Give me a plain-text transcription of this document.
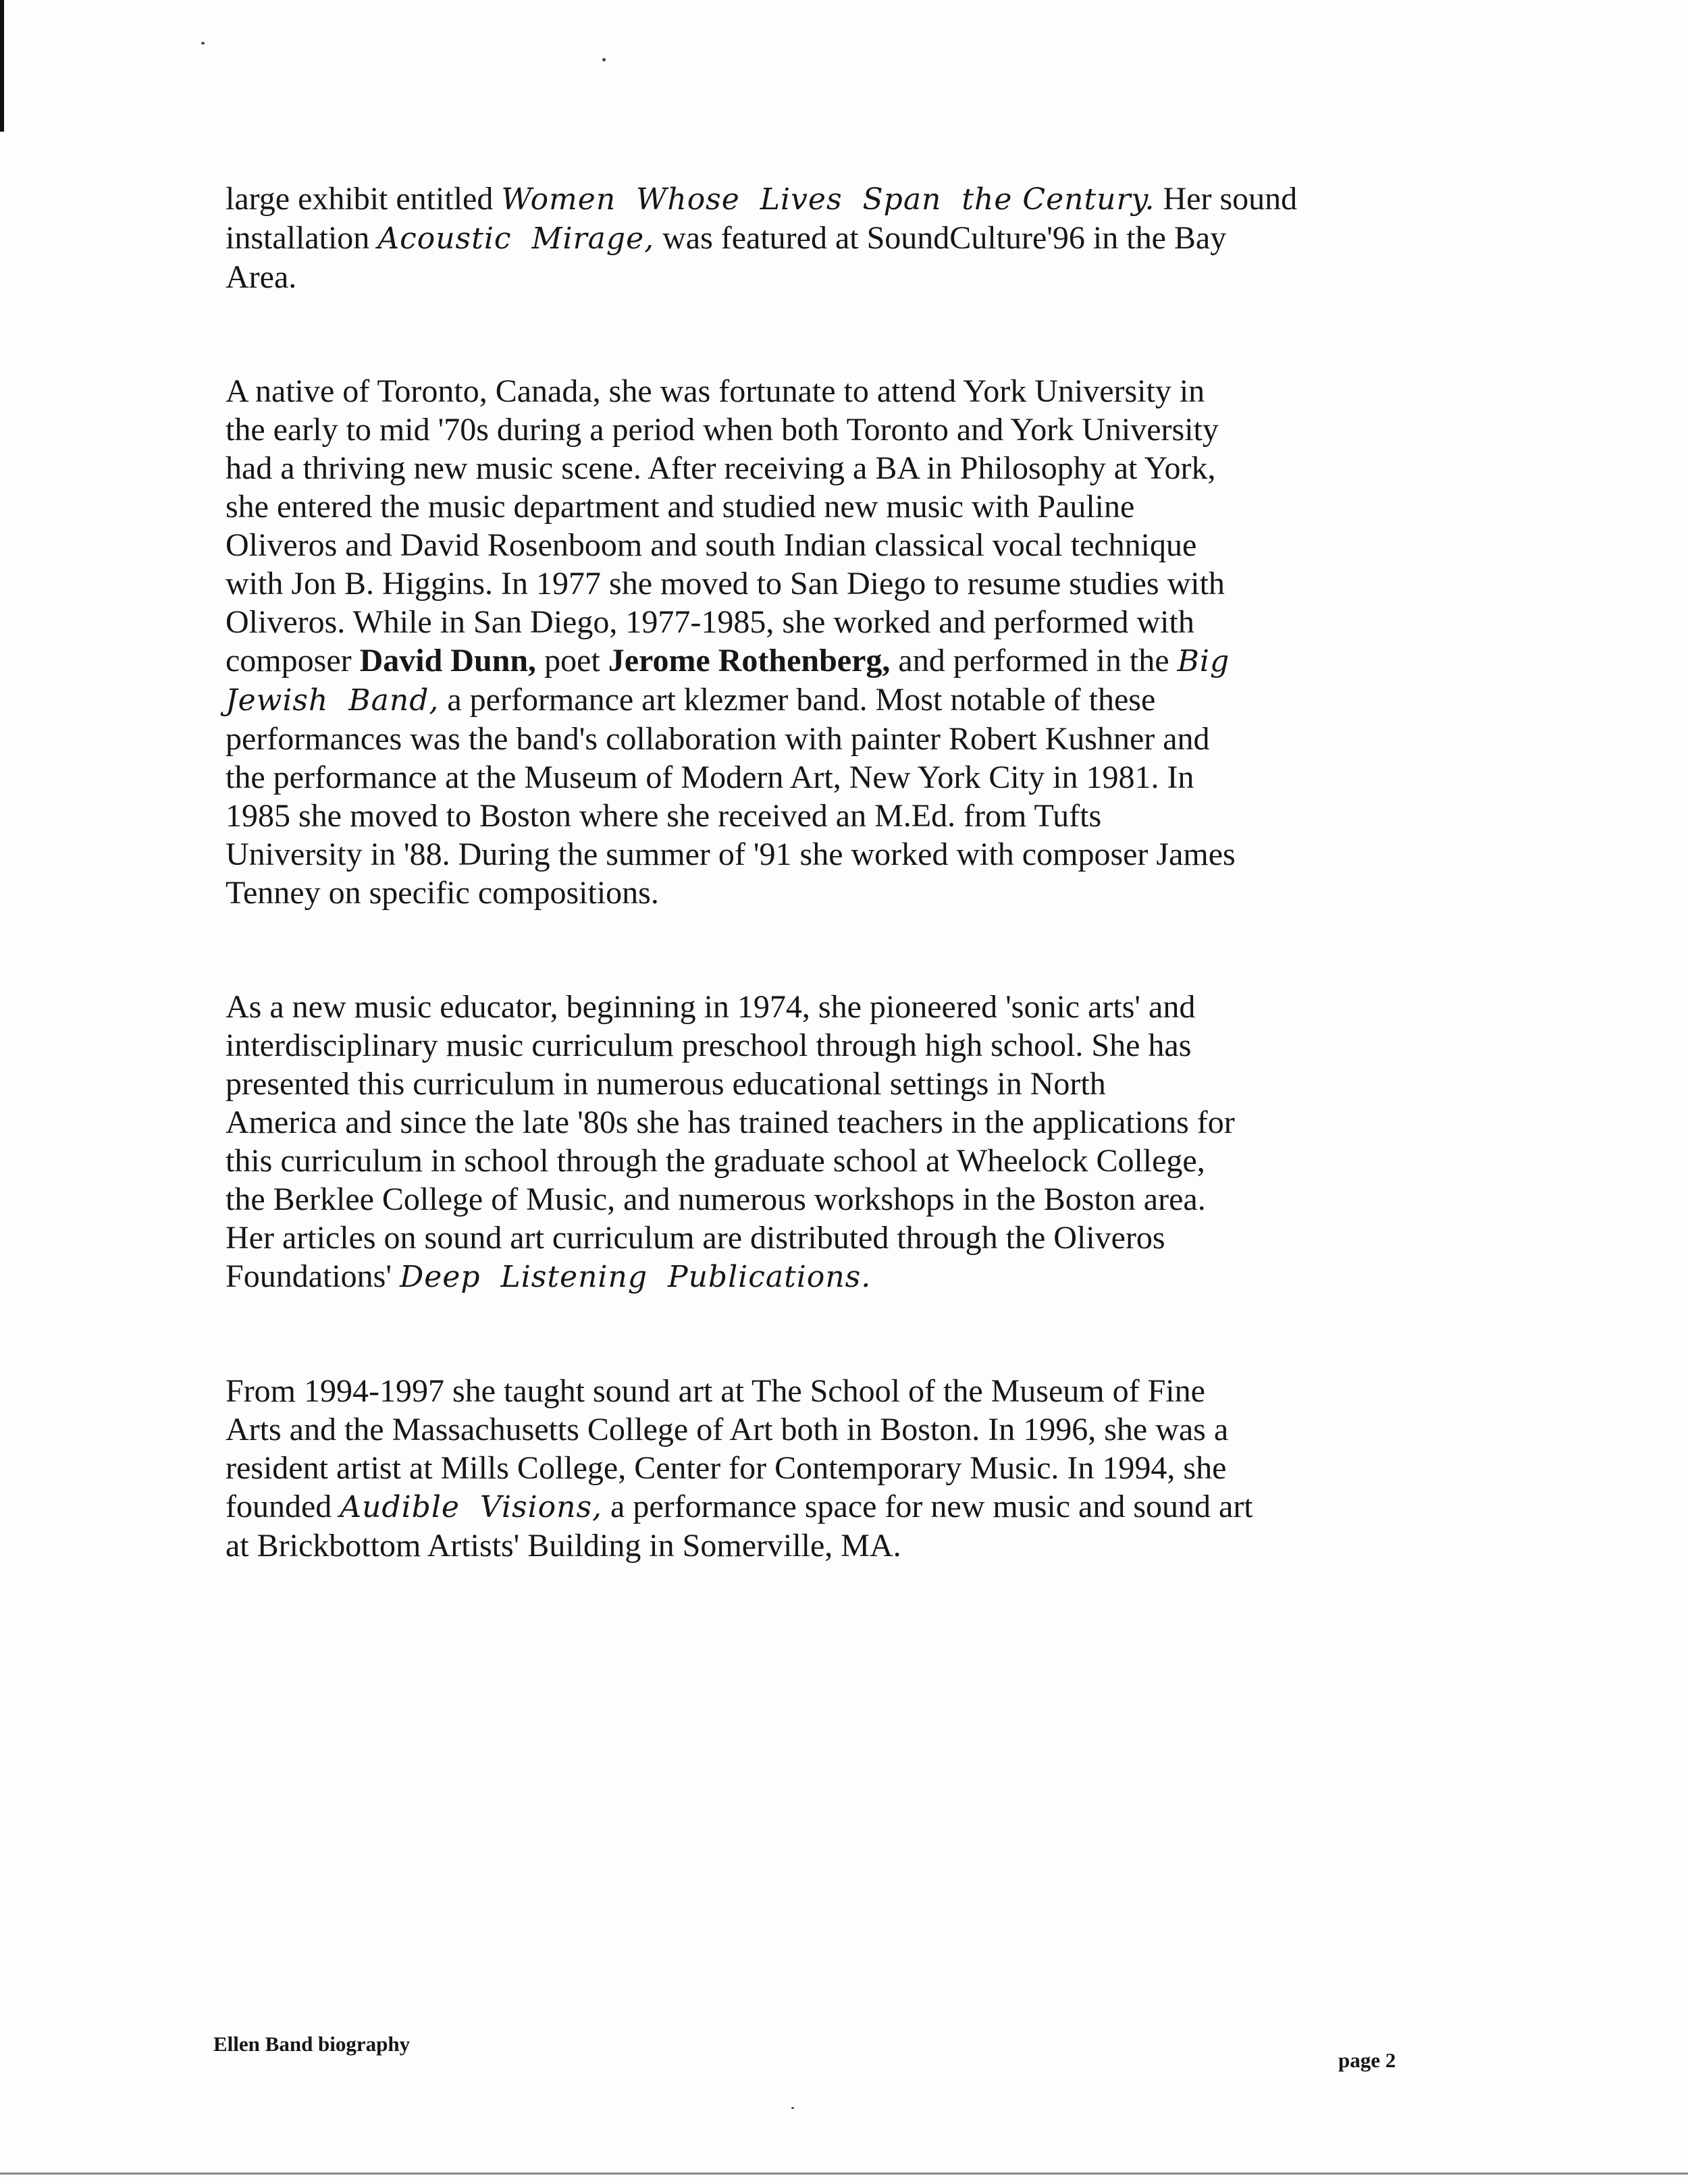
large exhibit entitled Women  Whose  Lives  Span  the Century. Her sound
installation Acoustic  Mirage, was featured at SoundCulture'96 in the Bay
Area.
A native of Toronto, Canada, she was fortunate to attend York University in
the early to mid '70s during a period when both Toronto and York University
had a thriving new music scene. After receiving a BA in Philosophy at York,
she entered the music department and studied new music with Pauline
Oliveros and David Rosenboom and south Indian classical vocal technique
with Jon B. Higgins. In 1977 she moved to San Diego to resume studies with
Oliveros. While in San Diego, 1977-1985, she worked and performed with
composer David Dunn, poet Jerome Rothenberg, and performed in the Big
Jewish  Band, a performance art klezmer band. Most notable of these
performances was the band's collaboration with painter Robert Kushner and
the performance at the Museum of Modern Art, New York City in 1981. In
1985 she moved to Boston where she received an M.Ed. from Tufts
University in '88. During the summer of '91 she worked with composer James
Tenney on specific compositions.
As a new music educator, beginning in 1974, she pioneered 'sonic arts' and
interdisciplinary music curriculum preschool through high school. She has
presented this curriculum in numerous educational settings in North
America and since the late '80s she has trained teachers in the applications for
this curriculum in school through the graduate school at Wheelock College,
the Berklee College of Music, and numerous workshops in the Boston area.
Her articles on sound art curriculum are distributed through the Oliveros
Foundations' Deep  Listening  Publications.
From 1994-1997 she taught sound art at The School of the Museum of Fine
Arts and the Massachusetts College of Art both in Boston. In 1996, she was a
resident artist at Mills College, Center for Contemporary Music. In 1994, she
founded Audible  Visions, a performance space for new music and sound art
at Brickbottom Artists' Building in Somerville, MA.
Ellen Band biography
page 2
